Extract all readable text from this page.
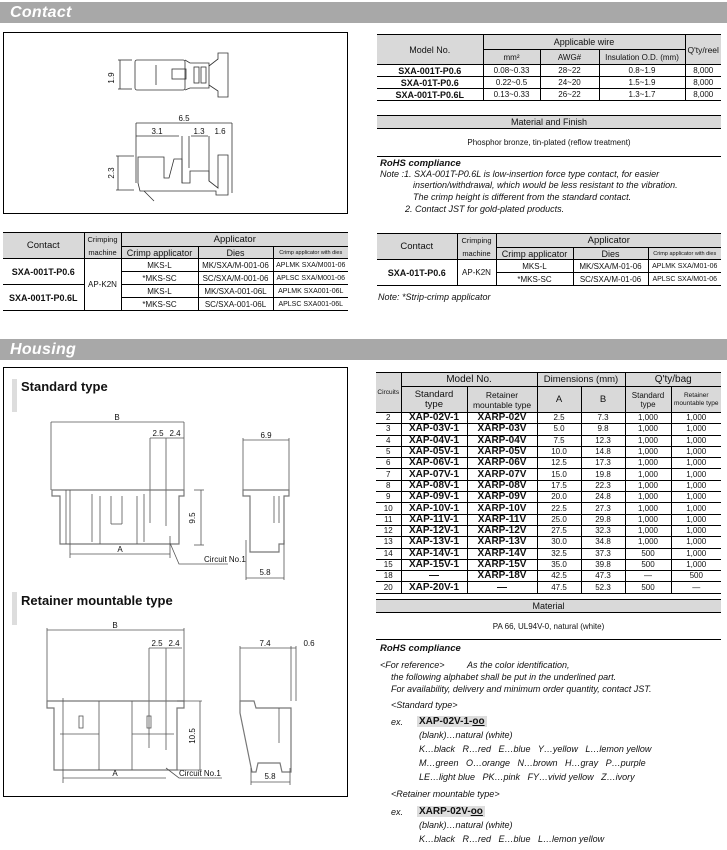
Contact
1.9
6.5
3.1	1.3 1.6
2.3
Model No.	Applicable wire			Q'ty/reel
	mm²	AWG#	Insulation O.D. (mm)	
SXA-001T-P0.6	0.08~0.33	28~22	0.8~1.9	8,000
SXA-01T-P0.6	0.22~0.5	24~20	1.5~1.9	8,000
SXA-001T-P0.6L	0.13~0.33	26~22	1.3~1.7	8,000
Material and Finish
Phosphor bronze, tin-plated (reflow treatment)
RoHS compliance
Note :1. SXA-001T-P0.6L is low-insertion force type contact, for easier
insertion/withdrawal, which would be less resistant to the vibration.
The crimp height is different from the standard contact.
2. Contact JST for gold-plated products.
Contact	Crimping	Applicator		
	machine	Crimp applicator	Dies	Crimp applicator with dies
SXA-001T-P0.6	AP-K2N	MKS-L	MK/SXA/M-001-06	APLMK SXA/M001-06
		*MKS-SC	SC/SXA/M-001-06	APLSC SXA/M001-06
SXA-001T-P0.6L		MKS-L	MK/SXA-001-06L	APLMK SXA001-06L
		*MKS-SC	SC/SXA-001-06L	APLSC SXA001-06L
Contact	Crimping	Applicator		
	machine	Crimp applicator	Dies	Crimp applicator with dies
SXA-01T-P0.6	AP-K2N	MKS-L	MK/SXA/M-01-06	APLMK SXA/M01-06
		*MKS-SC	SC/SXA/M-01-06	APLSC SXA/M01-06
Note: *Strip-crimp applicator
Housing
Standard type
Retainer mountable type
B
2.5 2.4
9.5
A
Circuit No.1
6.9
5.8
B
2.5 2.4
10.5
A	Circuit No.1
7.4	0.6
5.8
Circuits	Model No.		Dimensions (mm)		Q'ty/bag	
	Standard type	Retainer mountable type	A	B	Standard type	Retainer mountable type
2	XAP-02V-1	XARP-02V	2.5	7.3	1,000	1,000
3	XAP-03V-1	XARP-03V	5.0	9.8	1,000	1,000
4	XAP-04V-1	XARP-04V	7.5	12.3	1,000	1,000
5	XAP-05V-1	XARP-05V	10.0	14.8	1,000	1,000
6	XAP-06V-1	XARP-06V	12.5	17.3	1,000	1,000
7	XAP-07V-1	XARP-07V	15.0	19.8	1,000	1,000
8	XAP-08V-1	XARP-08V	17.5	22.3	1,000	1,000
9	XAP-09V-1	XARP-09V	20.0	24.8	1,000	1,000
10	XAP-10V-1	XARP-10V	22.5	27.3	1,000	1,000
11	XAP-11V-1	XARP-11V	25.0	29.8	1,000	1,000
12	XAP-12V-1	XARP-12V	27.5	32.3	1,000	1,000
13	XAP-13V-1	XARP-13V	30.0	34.8	1,000	1,000
14	XAP-14V-1	XARP-14V	32.5	37.3	500	1,000
15	XAP-15V-1	XARP-15V	35.0	39.8	500	1,000
18	—	XARP-18V	42.5	47.3	—	500
20	XAP-20V-1	—	47.5	52.3	500	—
Material
PA 66, UL94V-0, natural (white)
RoHS compliance
<For reference> As the color identification,
the following alphabet shall be put in the underlined part.
For availability, delivery and minimum order quantity, contact JST.
<Standard type>
ex. XAP-02V-1-oo
(blank)…natural (white)
K…black   R…red   E…blue   Y…yellow   L…lemon yellow
M…green   O…orange   N…brown   H…gray   P…purple
LE…light blue   PK…pink   FY…vivid yellow   Z…ivory
<Retainer mountable type>
ex. XARP-02V-oo
(blank)…natural (white)
K…black   R…red   E…blue   L…lemon yellow
